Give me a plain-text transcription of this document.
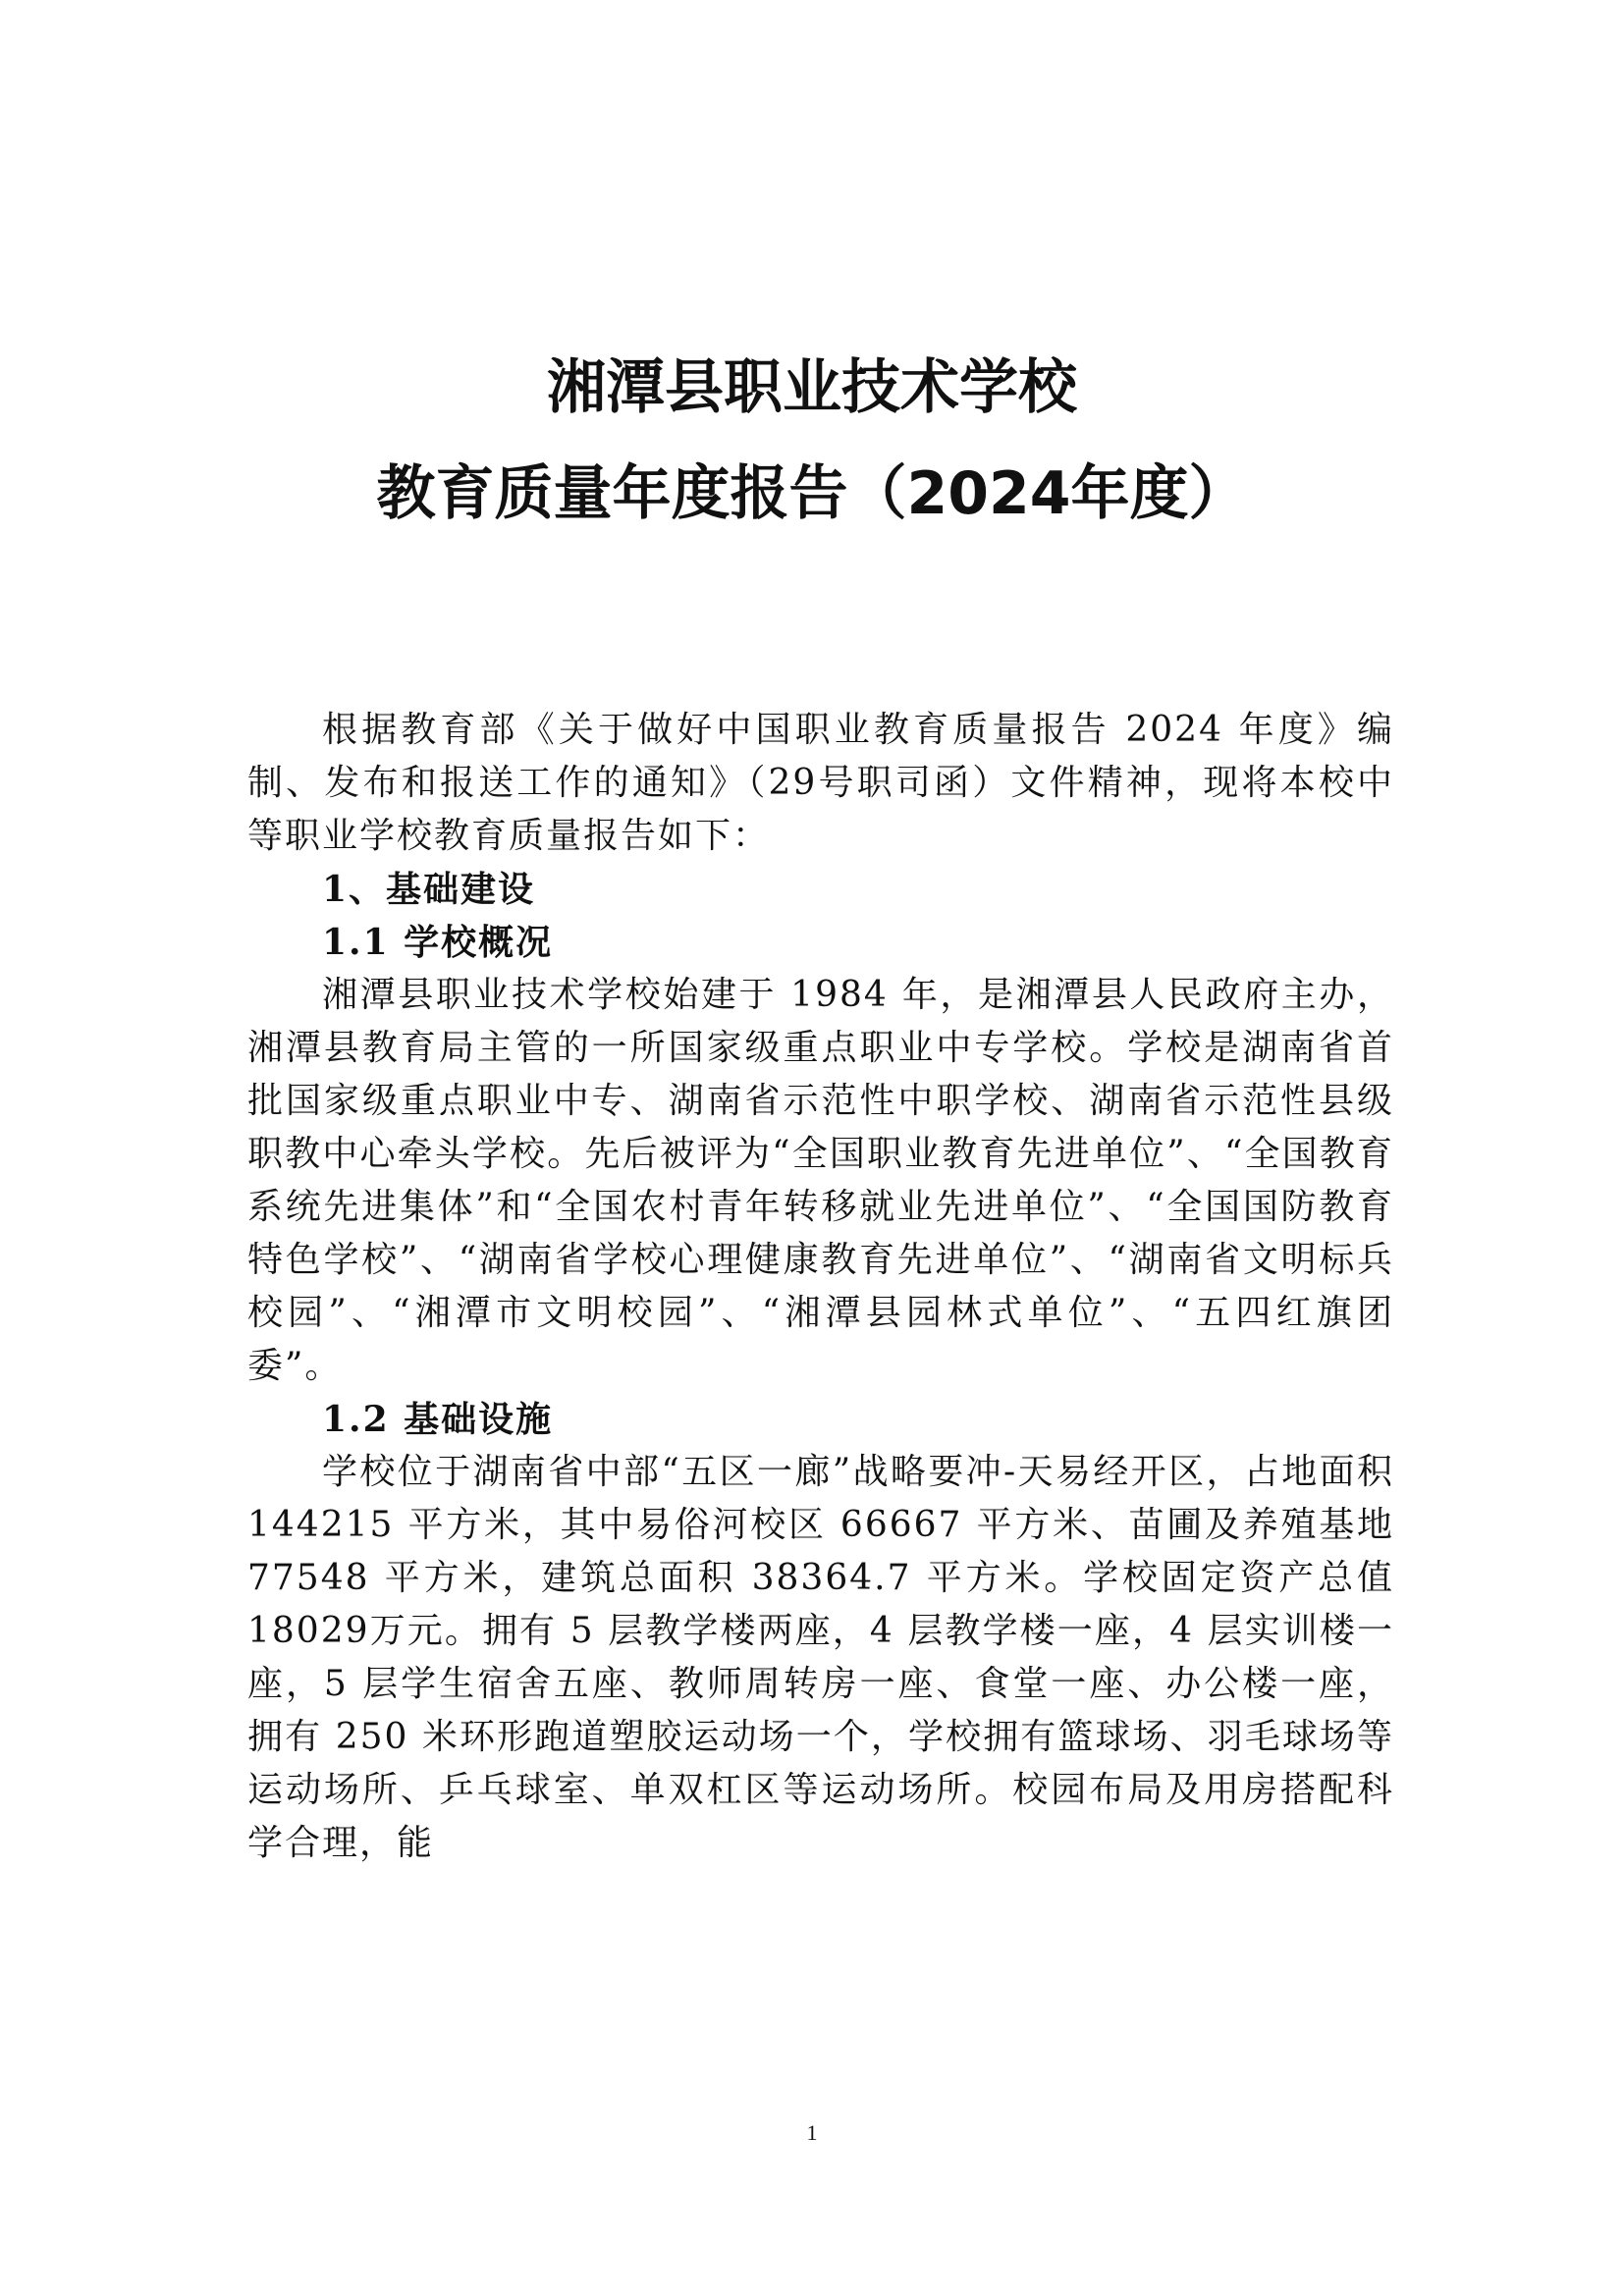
湘潭县职业技术学校
教育质量年度报告（2024年度）

根据教育部《关于做好中国职业教育质量报告 2024 年度》编制、发布和报送工作的通知》（29号职司函）文件精神，现将本校中等职业学校教育质量报告如下：

1、基础建设

1.1 学校概况

湘潭县职业技术学校始建于 1984 年，是湘潭县人民政府主办，湘潭县教育局主管的一所国家级重点职业中专学校。学校是湖南省首批国家级重点职业中专、湖南省示范性中职学校、湖南省示范性县级职教中心牵头学校。先后被评为“全国职业教育先进单位”、“全国教育系统先进集体”和“全国农村青年转移就业先进单位”、“全国国防教育特色学校”、“湖南省学校心理健康教育先进单位”、“湖南省文明标兵校园”、“湘潭市文明校园”、“湘潭县园林式单位”、“五四红旗团委”。

1.2 基础设施

学校位于湖南省中部“五区一廊”战略要冲-天易经开区，占地面积 144215 平方米，其中易俗河校区 66667 平方米、苗圃及养殖基地77548 平方米，建筑总面积 38364.7 平方米。学校固定资产总值 18029万元。拥有 5 层教学楼两座，4 层教学楼一座，4 层实训楼一座，5 层学生宿舍五座、教师周转房一座、食堂一座、办公楼一座，拥有 250 米环形跑道塑胶运动场一个，学校拥有篮球场、羽毛球场等运动场所、乒乓球室、单双杠区等运动场所。校园布局及用房搭配科学合理，能

1
